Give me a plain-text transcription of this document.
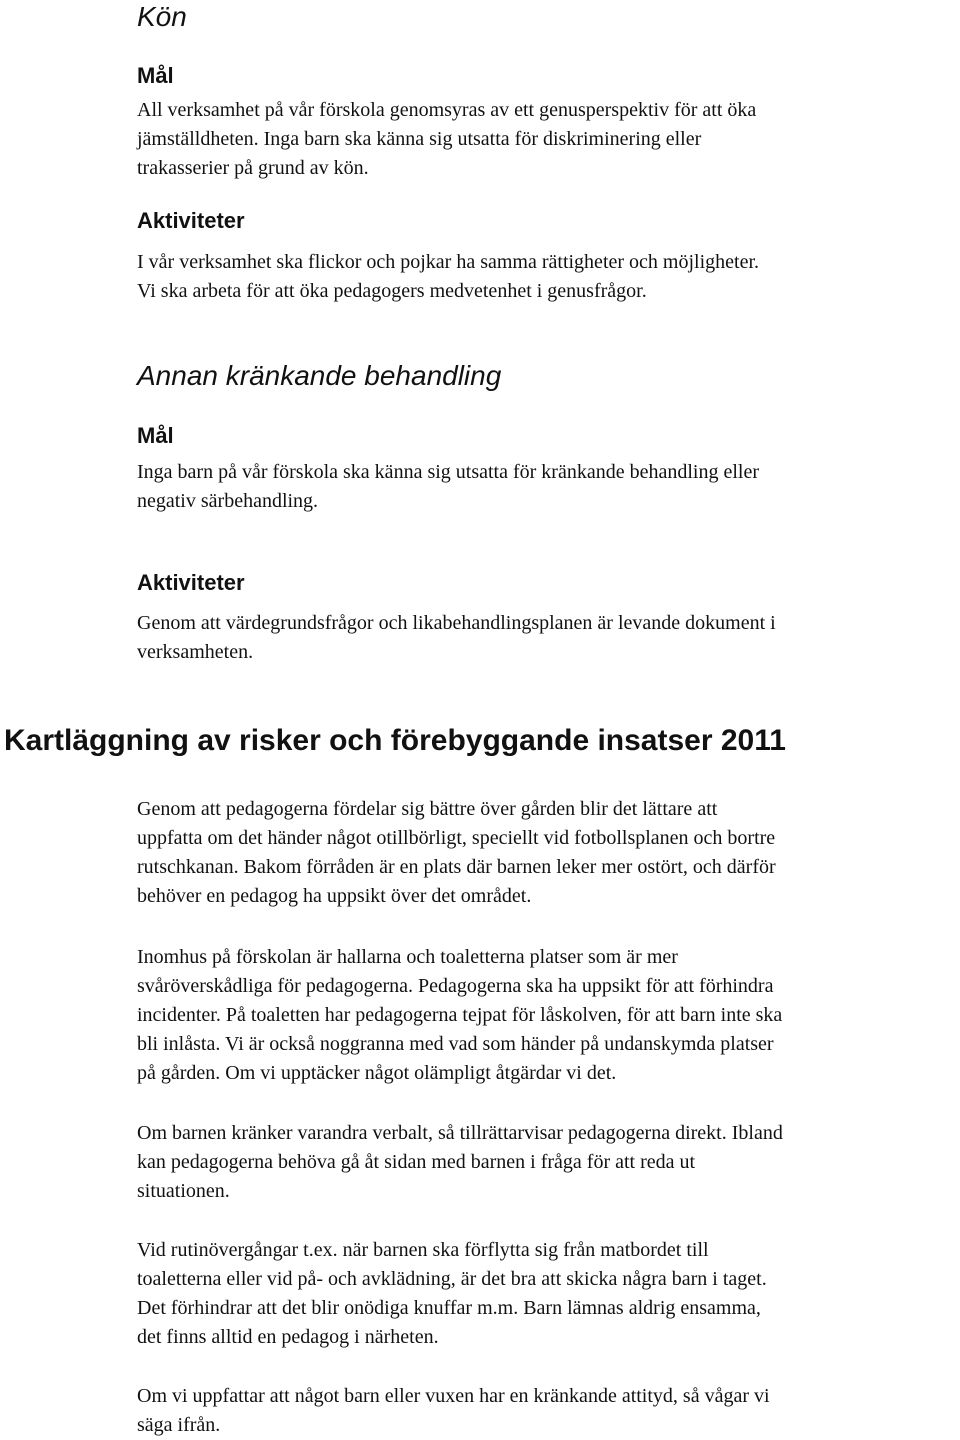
Kön
Mål
All verksamhet på vår förskola genomsyras av ett genusperspektiv för att öka
jämställdheten. Inga barn ska känna sig utsatta för diskriminering eller
trakasserier på grund av kön.
Aktiviteter
I vår verksamhet ska flickor och pojkar ha samma rättigheter och möjligheter.
Vi ska arbeta för att öka pedagogers medvetenhet i genusfrågor.
Annan kränkande behandling
Mål
Inga barn på vår förskola ska känna sig utsatta för kränkande behandling eller
negativ särbehandling.
Aktiviteter
Genom att värdegrundsfrågor och likabehandlingsplanen är levande dokument i
verksamheten.
Kartläggning av risker och förebyggande insatser 2011
Genom att pedagogerna fördelar sig bättre över gården blir det lättare att
uppfatta om det händer något otillbörligt, speciellt vid fotbollsplanen och bortre
rutschkanan. Bakom förråden är en plats där barnen leker mer ostört, och därför
behöver en pedagog ha uppsikt över det området.
Inomhus på förskolan är hallarna och toaletterna platser som är mer
svåröverskådliga för pedagogerna. Pedagogerna ska ha uppsikt för att förhindra
incidenter. På toaletten har pedagogerna tejpat för låskolven, för att barn inte ska
bli inlåsta. Vi är också noggranna med vad som händer på undanskymda platser
på gården. Om vi upptäcker något olämpligt åtgärdar vi det.
Om barnen kränker varandra verbalt, så tillrättarvisar pedagogerna direkt. Ibland
kan pedagogerna behöva gå åt sidan med barnen i fråga för att reda ut
situationen.
Vid rutinövergångar t.ex. när barnen ska förflytta sig från matbordet till
toaletterna eller vid på- och avklädning, är det bra att skicka några barn i taget.
Det förhindrar att det blir onödiga knuffar m.m. Barn lämnas aldrig ensamma,
det finns alltid en pedagog i närheten.
Om vi uppfattar att något barn eller vuxen har en kränkande attityd, så vågar vi
säga ifrån.
